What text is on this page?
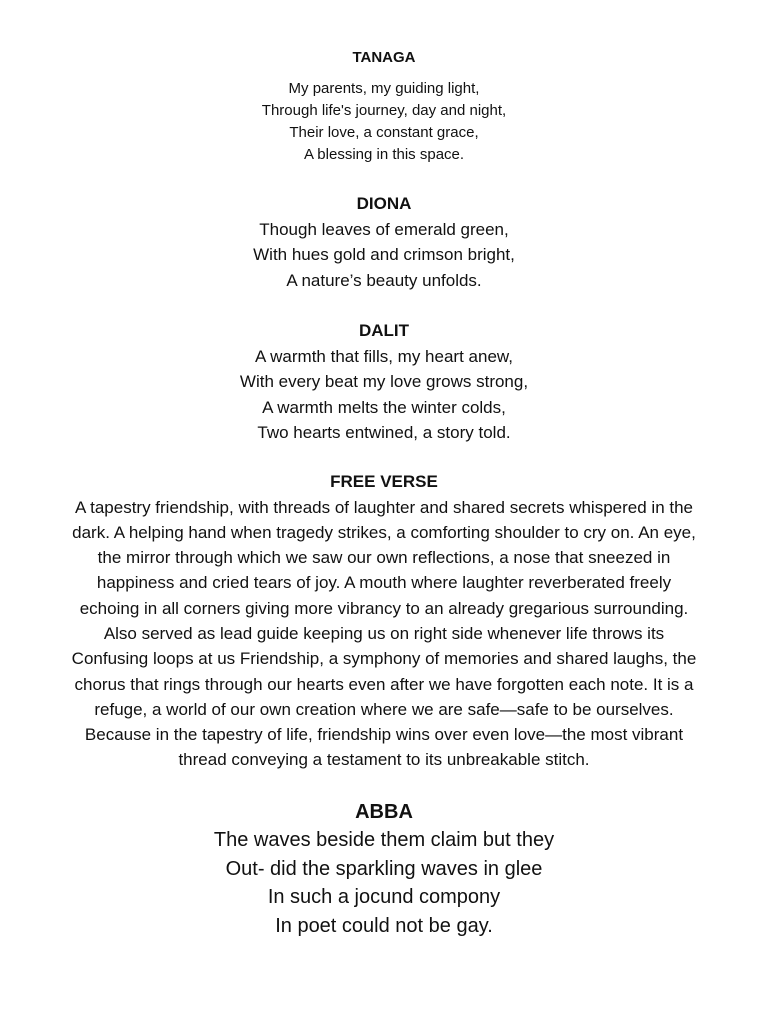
TANAGA
My parents, my guiding light,
Through life's journey, day and night,
Their love, a constant grace,
A blessing in this space.
DIONA
Though leaves of emerald green,
With hues gold and crimson bright,
A nature’s beauty unfolds.
DALIT
A warmth that fills, my heart anew,
With every beat my love grows strong,
A warmth melts the winter colds,
Two hearts entwined, a story told.
FREE VERSE
A tapestry friendship, with threads of laughter and shared secrets whispered in the
dark. A helping hand when tragedy strikes, a comforting shoulder to cry on. An eye,
the mirror through which we saw our own reflections, a nose that sneezed in
happiness and cried tears of joy. A mouth where laughter reverberated freely
echoing in all corners giving more vibrancy to an already gregarious surrounding.
Also served as lead guide keeping us on right side whenever life throws its
Confusing loops at us Friendship, a symphony of memories and shared laughs, the
chorus that rings through our hearts even after we have forgotten each note. It is a
refuge, a world of our own creation where we are safe—safe to be ourselves.
Because in the tapestry of life, friendship wins over even love—the most vibrant
thread conveying a testament to its unbreakable stitch.
ABBA
The waves beside them claim but they
Out- did the sparkling waves in glee
In such a jocund compony
In poet could not be gay.
